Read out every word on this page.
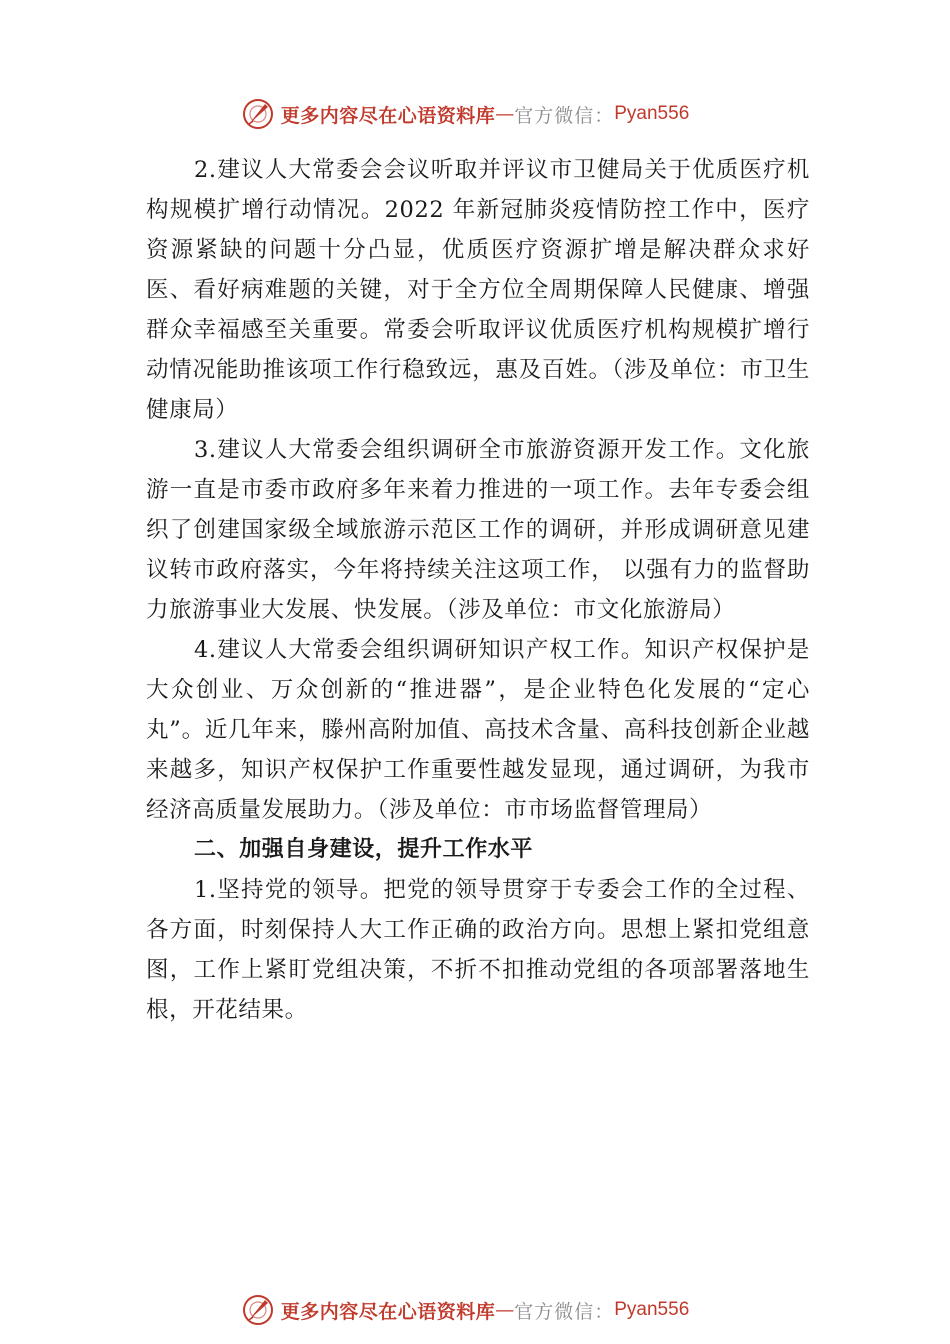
更多内容尽在心语资料库 — 官方微信： Pyan556

2.建议人大常委会会议听取并评议市卫健局关于优质医疗机构规模扩增行动情况。2022 年新冠肺炎疫情防控工作中，医疗资源紧缺的问题十分凸显，优质医疗资源扩增是解决群众求好医、看好病难题的关键，对于全方位全周期保障人民健康、增强群众幸福感至关重要。常委会听取评议优质医疗机构规模扩增行动情况能助推该项工作行稳致远，惠及百姓。（涉及单位：市卫生健康局）

3.建议人大常委会组织调研全市旅游资源开发工作。文化旅游一直是市委市政府多年来着力推进的一项工作。去年专委会组织了创建国家级全域旅游示范区工作的调研，并形成调研意见建议转市政府落实，今年将持续关注这项工作， 以强有力的监督助力旅游事业大发展、快发展。（涉及单位：市文化旅游局）

4.建议人大常委会组织调研知识产权工作。知识产权保护是大众创业、万众创新的“推进器”，是企业特色化发展的“定心丸”。近几年来，滕州高附加值、高技术含量、高科技创新企业越来越多，知识产权保护工作重要性越发显现，通过调研，为我市经济高质量发展助力。（涉及单位：市市场监督管理局）

二、加强自身建设，提升工作水平

1.坚持党的领导。把党的领导贯穿于专委会工作的全过程、各方面，时刻保持人大工作正确的政治方向。思想上紧扣党组意图，工作上紧盯党组决策，不折不扣推动党组的各项部署落地生根，开花结果。

更多内容尽在心语资料库 — 官方微信： Pyan556
